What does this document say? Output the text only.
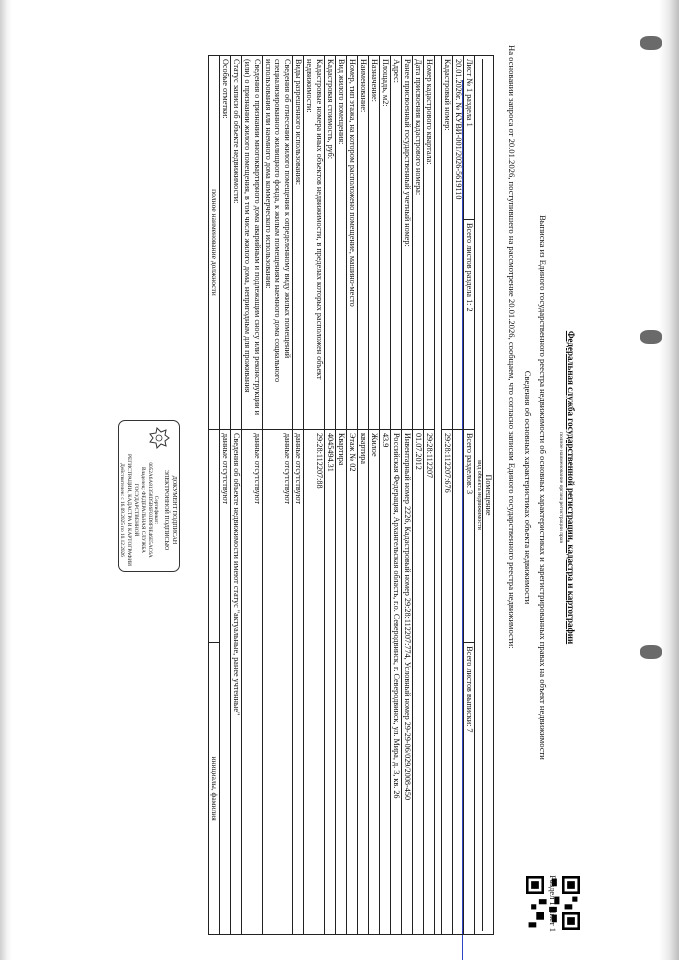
Федеральная служба государственной регистрации, кадастра и картографии
полное наименование органа регистрации прав
Раздел 1 Лист 1
Выписка из Единого государственного реестра недвижимости об основных характеристиках и зарегистрированных правах на объект недвижимости
Сведения об основных характеристиках объекта недвижимости
На основании запроса от 20.01.2026, поступившего на рассмотрение 20.01.2026, сообщаем, что согласно записям Единого государственного реестра недвижимости:
Помещение
вид объекта недвижимости			

Лист № 1 раздела 1	Всего листов раздела 1: 2	Всего разделов: 3	Всего листов выписки: 7
20.01.2026г. № КУВИ-001/2026-5619110			
Кадастровый номер:		29:28:112207:676	

Номер кадастрового квартала:		29:28:112207	
Дата присвоения кадастрового номера:		01.07.2012	
Ранее присвоенный государственный учетный номер:		Инвентарный номер 2226, Кадастровый номер 29:28:112207:774, Условный номер 29-29-06/029/2008-450	
Адрес:		Российская Федерация, Архангельская область, г.о. Северодвинск, г. Северодвинск, ул. Мира, д. 3, кв. 26	
Площадь, м2:		43.9	
Назначение:		Жилое	
Наименование:		квартира	
Номер, тип этажа, на котором расположено помещение, машино-место		Этаж № 02	
Вид жилого помещения:		Квартира	
Кадастровая стоимость, руб:		4045494.31	
Кадастровые номера иных объектов недвижимости, в пределах которых расположен объект недвижимости:		29:28:112207:88	
Виды разрешенного использования:		данные отсутствуют	
Сведения об отнесении жилого помещения к определенному виду жилых помещений специализированного жилищного фонда, к жилым помещениям наемного дома социального использования или наемного дома коммерческого использования:		данные отсутствуют	
Сведения о признании многоквартирного дома аварийным и подлежащим сносу или реконструкции и (или) о признании жилого помещения, в том числе жилого дома, непригодным для проживания		данные отсутствуют	
Статус записи об объекте недвижимости:		Сведения об объекте недвижимости имеют статус "актуальные, ранее учтенные"	
Особые отметки:		данные отсутствуют	
полное наименование должности			инициалы, фамилия
ДОКУМЕНТ ПОДПИСАН ЭЛЕКТРОННОЙ ПОДПИСЬЮ
Сертификат: 0052A6A81358D5B6F03D8F9E46E5AC6A
Владелец: ФЕДЕРАЛЬНАЯ СЛУЖБА ГОСУДАРСТВЕННОЙ
РЕГИСТРАЦИИ, КАДАСТРА И КАРТОГРАФИИ
Действителен: с 16.09.2025 по 10.12.2026
